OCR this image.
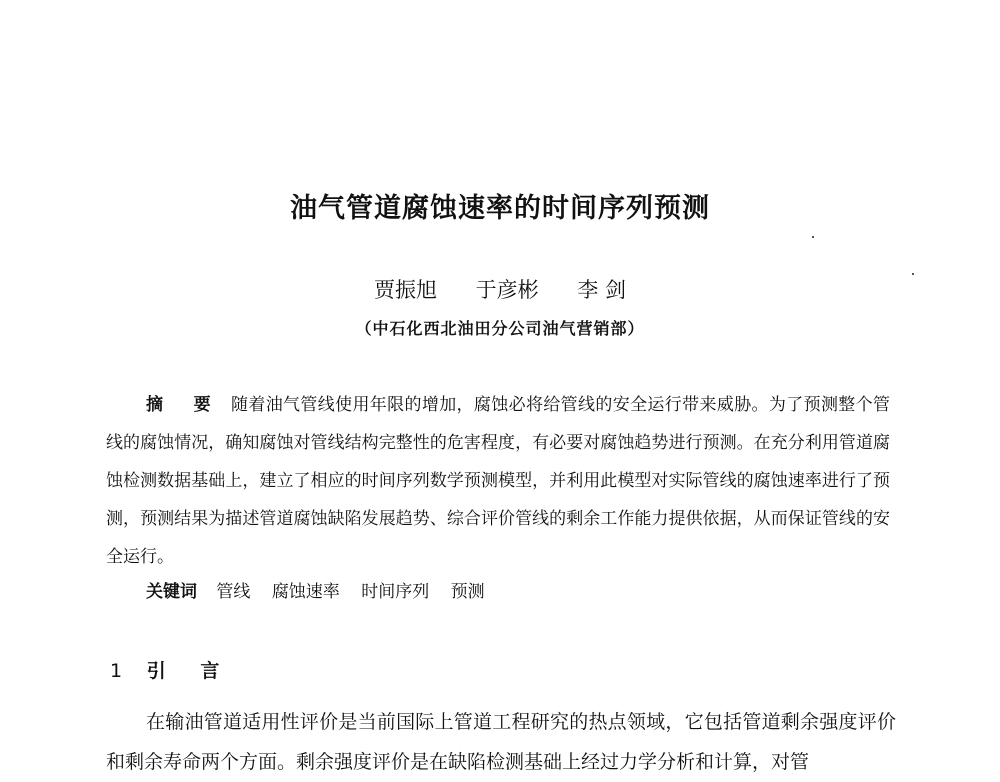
油气管道腐蚀速率的时间序列预测
贾振旭 于彦彬 李 剑
（中石化西北油田分公司油气营销部）
摘 要 随着油气管线使用年限的增加，腐蚀必将给管线的安全运行带来威胁。为了预测整个管线的腐蚀情况，确知腐蚀对管线结构完整性的危害程度，有必要对腐蚀趋势进行预测。在充分利用管道腐蚀检测数据基础上，建立了相应的时间序列数学预测模型，并利用此模型对实际管线的腐蚀速率进行了预测，预测结果为描述管道腐蚀缺陷发展趋势、综合评价管线的剩余工作能力提供依据，从而保证管线的安全运行。
关键词 管线 腐蚀速率 时间序列 预测
1 引 言
在输油管道适用性评价是当前国际上管道工程研究的热点领域，它包括管道剩余强度评价和剩余寿命两个方面。剩余强度评价是在缺陷检测基础上经过力学分析和计算，对管
